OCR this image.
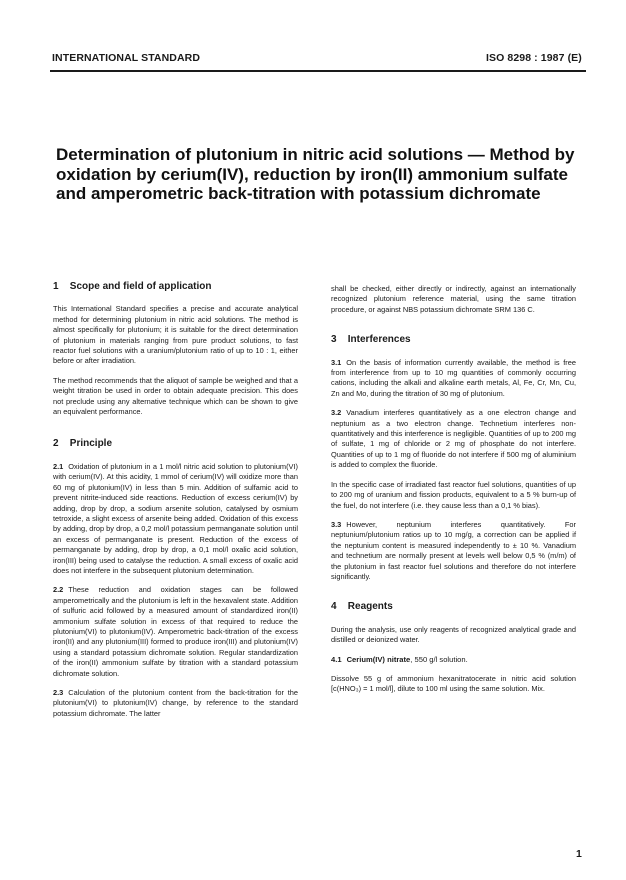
INTERNATIONAL STANDARD	ISO 8298 : 1987 (E)
Determination of plutonium in nitric acid solutions — Method by oxidation by cerium(IV), reduction by iron(II) ammonium sulfate and amperometric back-titration with potassium dichromate
1 Scope and field of application

This International Standard specifies a precise and accurate analytical method for determining plutonium in nitric acid solutions. The method is almost specifically for plutonium; it is suitable for the direct determination of plutonium in materials ranging from pure product solutions, to fast reactor fuel solutions with a uranium/plutonium ratio of up to 10 : 1, either before or after irradiation.

The method recommends that the aliquot of sample be weighed and that a weight titration be used in order to obtain adequate precision. This does not preclude using any alternative technique which can be shown to give an equivalent performance.

2 Principle

2.1 Oxidation of plutonium in a 1 mol/l nitric acid solution to plutonium(VI) with cerium(IV). At this acidity, 1 mmol of cerium(IV) will oxidize more than 60 mg of plutonium(IV) in less than 5 min. Addition of sulfamic acid to prevent nitrite-induced side reactions. Reduction of excess cerium(IV) by adding, drop by drop, a sodium arsenite solution, catalysed by osmium tetroxide, a slight excess of arsenite being added. Oxidation of this excess by adding, drop by drop, a 0,2 mol/l potassium permanganate solution until an excess of permanganate is present. Reduction of the excess of permanganate by adding, drop by drop, a 0,1 mol/l oxalic acid solution, iron(III) being used to catalyse the reduction. A small excess of oxalic acid does not interfere in the subsequent plutonium determination.

2.2 These reduction and oxidation stages can be followed amperometrically and the plutonium is left in the hexavalent state. Addition of sulfuric acid followed by a measured amount of standardized iron(II) ammonium sulfate solution in excess of that required to reduce the plutonium(VI) to plutonium(IV). Amperometric back-titration of the excess iron(II) and any plutonium(III) formed to produce iron(III) and plutonium(IV) using a standard potassium dichromate solution. Regular standardization of the iron(II) ammonium sulfate by titration with a standard potassium dichromate solution.

2.3 Calculation of the plutonium content from the back-titration for the plutonium(VI) to plutonium(IV) change, by reference to the standard potassium dichromate. The latter

shall be checked, either directly or indirectly, against an internationally recognized plutonium reference material, using the same titration procedure, or against NBS potassium dichromate SRM 136 C.

3 Interferences

3.1 On the basis of information currently available, the method is free from interference from up to 10 mg quantities of commonly occurring cations, including the alkali and alkaline earth metals, Al, Fe, Cr, Mn, Cu, Zn and Mo, during the titration of 30 mg of plutonium.

3.2 Vanadium interferes quantitatively as a one electron change and neptunium as a two electron change. Technetium interferes non-quantitatively and this interference is negligible. Quantities of up to 200 mg of sulfate, 1 mg of chloride or 2 mg of phosphate do not interfere. Quantities of up to 1 mg of fluoride do not interfere if 500 mg of aluminium is added to complex the fluoride.

In the specific case of irradiated fast reactor fuel solutions, quantities of up to 200 mg of uranium and fission products, equivalent to a 5 % burn-up of the fuel, do not interfere (i.e. they cause less than a 0,1 % bias).

3.3 However, neptunium interferes quantitatively. For neptunium/plutonium ratios up to 10 mg/g, a correction can be applied if the neptunium content is measured independently to ± 10 %. Vanadium and technetium are normally present at levels well below 0,5 % (m/m) of the plutonium in fast reactor fuel solutions and therefore do not interfere significantly.

4 Reagents

During the analysis, use only reagents of recognized analytical grade and distilled or deionized water.

4.1 Cerium(IV) nitrate, 550 g/l solution.

Dissolve 55 g of ammonium hexanitratocerate in nitric acid solution [c(HNO₃) = 1 mol/l], dilute to 100 ml using the same solution. Mix.

1
